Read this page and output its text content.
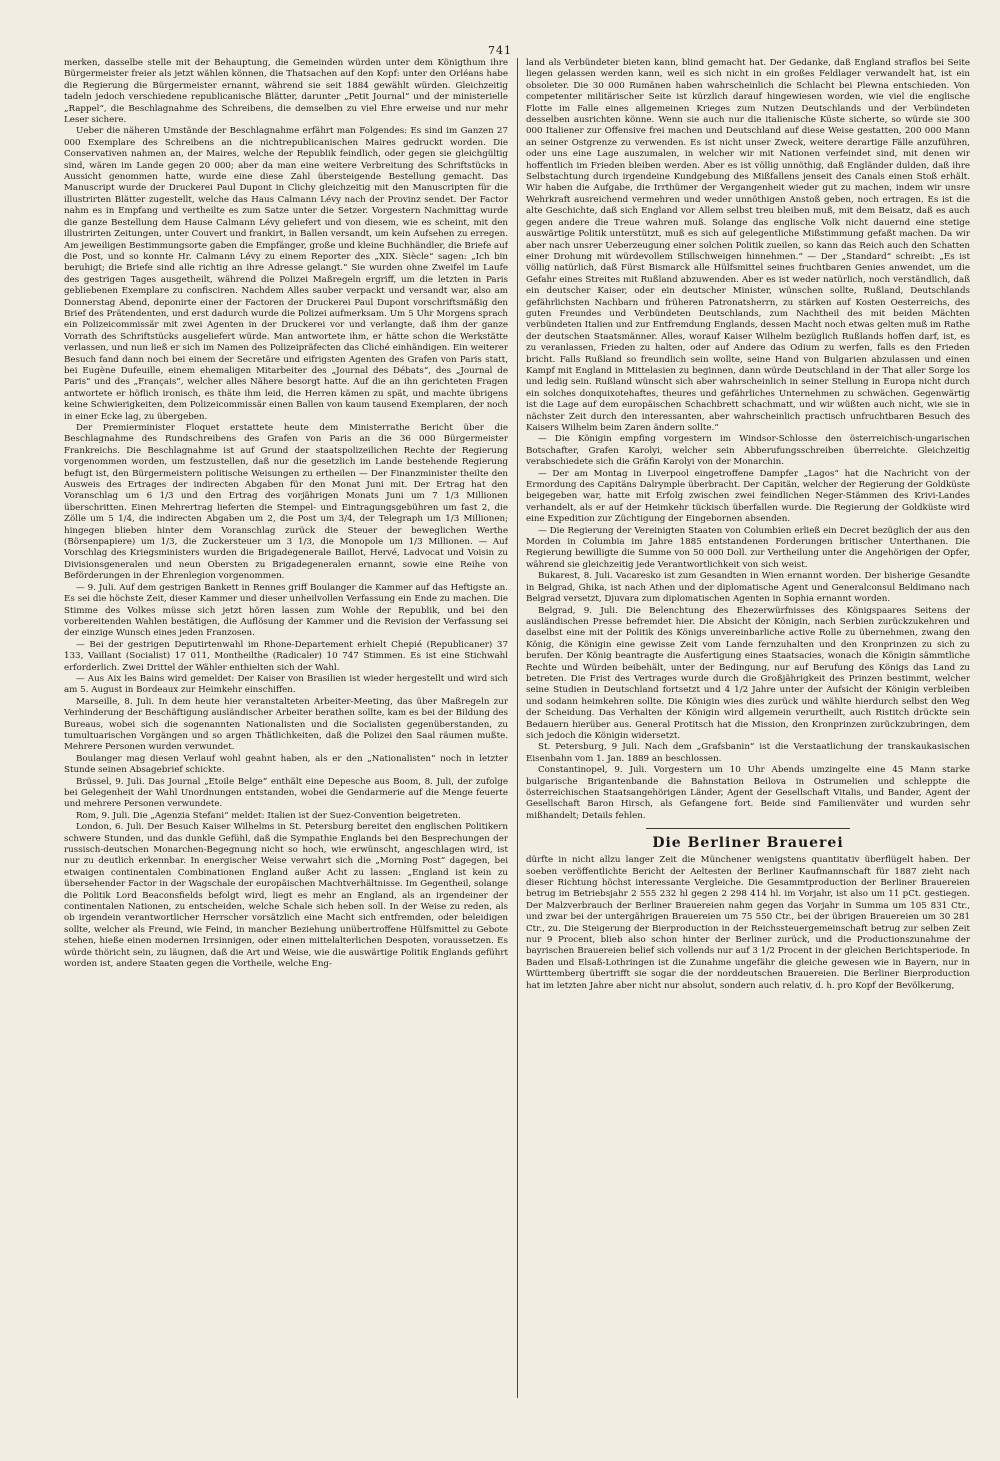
741

merken, dasselbe stelle mit der Behauptung, die Gemeinden würden unter dem Königthum ihre Bürgermeister freier als jetzt wählen können, die Thatsachen auf den Kopf: unter den Orléans habe die Regierung die Bürgermeister ernannt, während sie seit 1884 gewählt würden. Gleichzeitig tadeln jedoch verschiedene republicanische Blätter, darunter „Petit Journal“ und der ministerielle „Rappel“, die Beschlagnahme des Schreibens, die demselben zu viel Ehre erweise und nur mehr Leser sichere.

Ueber die näheren Umstände der Beschlagnahme erfährt man Folgendes: Es sind im Ganzen 27 000 Exemplare des Schreibens an die nichtrepublicanischen Maires gedruckt worden. Die Conservativen nahmen an, der Maires, welche der Republik feindlich, oder gegen sie gleichgültig sind, wären im Lande gegen 20 000; aber da man eine weitere Verbreitung des Schriftstücks in Aussicht genommen hatte, wurde eine diese Zahl übersteigende Bestellung gemacht. Das Manuscript wurde der Druckerei Paul Dupont in Clichy gleichzeitig mit den Manuscripten für die illustrirten Blätter zugestellt, welche das Haus Calmann Lévy nach der Provinz sendet. Der Factor nahm es in Empfang und vertheilte es zum Satze unter die Setzer. Vorgestern Nachmittag wurde die ganze Bestellung dem Hause Calmann Lévy geliefert und von diesem, wie es scheint, mit den illustrirten Zeitungen, unter Couvert und frankirt, in Ballen versandt, um kein Aufsehen zu erregen. Am jeweiligen Bestimmungsorte gaben die Empfänger, große und kleine Buchhändler, die Briefe auf die Post, und so konnte Hr. Calmann Lévy zu einem Reporter des „XIX. Siècle“ sagen: „Ich bin beruhigt; die Briefe sind alle richtig an ihre Adresse gelangt.“ Sie wurden ohne Zweifel im Laufe des gestrigen Tages ausgetheilt, während die Polizei Maßregeln ergriff, um die letzten in Paris gebliebenen Exemplare zu confisciren. Nachdem Alles sauber verpackt und versandt war, also am Donnerstag Abend, deponirte einer der Factoren der Druckerei Paul Dupont vorschriftsmäßig den Brief des Prätendenten, und erst dadurch wurde die Polizei aufmerksam. Um 5 Uhr Morgens sprach ein Polizeicommissär mit zwei Agenten in der Druckerei vor und verlangte, daß ihm der ganze Vorrath des Schriftstücks ausgeliefert würde. Man antwortete ihm, er hätte schon die Werkstätte verlassen, und nun ließ er sich im Namen des Polizeipräfecten das Cliché einhändigen. Ein weiterer Besuch fand dann noch bei einem der Secretäre und eifrigsten Agenten des Grafen von Paris statt, bei Eugène Dufeuille, einem ehemaligen Mitarbeiter des „Journal des Débats“, des „Journal de Paris“ und des „Français“, welcher alles Nähere besorgt hatte. Auf die an ihn gerichteten Fragen antwortete er höflich ironisch, es thäte ihm leid, die Herren kämen zu spät, und machte übrigens keine Schwierigkeiten, dem Polizeicommissär einen Ballen von kaum tausend Exemplaren, der noch in einer Ecke lag, zu übergeben.

Der Premierminister Floquet erstattete heute dem Ministerrathe Bericht über die Beschlagnahme des Rundschreibens des Grafen von Paris an die 36 000 Bürgermeister Frankreichs. Die Beschlagnahme ist auf Grund der staatspolizeilichen Rechte der Regierung vorgenommen worden, um festzustellen, daß nur die gesetzlich im Lande bestehende Regierung befugt ist, den Bürgermeistern politische Weisungen zu ertheilen — Der Finanzminister theilte den Ausweis des Ertrages der indirecten Abgaben für den Monat Juni mit. Der Ertrag hat den Voranschlag um 6 1/3 und den Ertrag des vorjährigen Monats Juni um 7 1/3 Millionen überschritten. Einen Mehrertrag lieferten die Stempel- und Eintragungsgebühren um fast 2, die Zölle um 5 1/4, die indirecten Abgaben um 2, die Post um 3/4, der Telegraph um 1/3 Millionen; hingegen blieben hinter dem Voranschlag zurück die Steuer der beweglichen Werthe (Börsenpapiere) um 1/3, die Zuckersteuer um 3 1/3, die Monopole um 1/3 Millionen. — Auf Vorschlag des Kriegsministers wurden die Brigadegenerale Baillot, Hervé, Ladvocat und Voisin zu Divisionsgeneralen und neun Obersten zu Brigadegeneralen ernannt, sowie eine Reihe von Beförderungen in der Ehrenlegion vorgenommen.

— 9. Juli. Auf dem gestrigen Bankett in Rennes griff Boulanger die Kammer auf das Heftigste an. Es sei die höchste Zeit, dieser Kammer und dieser unheilvollen Verfassung ein Ende zu machen. Die Stimme des Volkes müsse sich jetzt hören lassen zum Wohle der Republik, und bei den vorbereitenden Wahlen bestätigen, die Auflösung der Kammer und die Revision der Verfassung sei der einzige Wunsch eines jeden Franzosen.

— Bei der gestrigen Deputirtenwahl im Rhone-Departement erhielt Chepié (Republicaner) 37 133, Vaillant (Socialist) 17 011, Montheilthe (Radicaler) 10 747 Stimmen. Es ist eine Stichwahl erforderlich. Zwei Drittel der Wähler enthielten sich der Wahl.

— Aus Aix les Bains wird gemeldet: Der Kaiser von Brasilien ist wieder hergestellt und wird sich am 5. August in Bordeaux zur Heimkehr einschiffen.

Marseille, 8. Juli. In dem heute hier veranstalteten Arbeiter-Meeting, das über Maßregeln zur Verhinderung der Beschäftigung ausländischer Arbeiter berathen sollte, kam es bei der Bildung des Bureaus, wobei sich die sogenannten Nationalisten und die Socialisten gegenüberstanden, zu tumultuarischen Vorgängen und so argen Thätlichkeiten, daß die Polizei den Saal räumen mußte. Mehrere Personen wurden verwundet.

Boulanger mag diesen Verlauf wohl geahnt haben, als er den „Nationalisten“ noch in letzter Stunde seinen Absagebrief schickte.

Brüssel, 9. Juli. Das Journal „Etoile Belge“ enthält eine Depesche aus Boom, 8. Juli, der zufolge bei Gelegenheit der Wahl Unordnungen entstanden, wobei die Gendarmerie auf die Menge feuerte und mehrere Personen verwundete.

Rom, 9. Juli. Die „Agenzia Stefani“ meldet: Italien ist der Suez-Convention beigetreten.

London, 6. Juli. Der Besuch Kaiser Wilhelms in St. Petersburg bereitet den englischen Politikern schwere Stunden, und das dunkle Gefühl, daß die Sympathie Englands bei den Besprechungen der russisch-deutschen Monarchen-Begegnung nicht so hoch, wie erwünscht, angeschlagen wird, ist nur zu deutlich erkennbar. In energischer Weise verwahrt sich die „Morning Post“ dagegen, bei etwaigen continentalen Combinationen England außer Acht zu lassen: „England ist kein zu übersehender Factor in der Wagschale der europäischen Machtverhältnisse. Im Gegentheil, solange die Politik Lord Beaconsfields befolgt wird, liegt es mehr an England, als an irgendeiner der continentalen Nationen, zu entscheiden, welche Schale sich heben soll. In der Weise zu reden, als ob irgendein verantwortlicher Herrscher vorsätzlich eine Macht sich entfremden, oder beleidigen sollte, welcher als Freund, wie Feind, in mancher Beziehung unübertroffene Hülfsmittel zu Gebote stehen, hieße einen modernen Irrsinnigen, oder einen mittelalterlichen Despoten, voraussetzen. Es würde thöricht sein, zu läugnen, daß die Art und Weise, wie die auswärtige Politik Englands geführt worden ist, andere Staaten gegen die Vortheile, welche Eng-

land als Verbündeter bieten kann, blind gemacht hat. Der Gedanke, daß England straflos bei Seite liegen gelassen werden kann, weil es sich nicht in ein großes Feldlager verwandelt hat, ist ein obsoleter. Die 30 000 Rumänen haben wahrscheinlich die Schlacht bei Plewna entschieden. Von competenter militärischer Seite ist kürzlich darauf hingewiesen worden, wie viel die englische Flotte im Falle eines allgemeinen Krieges zum Nutzen Deutschlands und der Verbündeten desselben ausrichten könne. Wenn sie auch nur die italienische Küste sicherte, so würde sie 300 000 Italiener zur Offensive frei machen und Deutschland auf diese Weise gestatten, 200 000 Mann an seiner Ostgrenze zu verwenden. Es ist nicht unser Zweck, weitere derartige Fälle anzuführen, oder uns eine Lage auszumalen, in welcher wir mit Nationen verfeindet sind, mit denen wir hoffentlich im Frieden bleiben werden. Aber es ist völlig unnöthig, daß Engländer dulden, daß ihre Selbstachtung durch irgendeine Kundgebung des Mißfallens jenseit des Canals einen Stoß erhält. Wir haben die Aufgabe, die Irrthümer der Vergangenheit wieder gut zu machen, indem wir unsre Wehrkraft ausreichend vermehren und weder unnöthigen Anstoß geben, noch ertragen. Es ist die alte Geschichte, daß sich England vor Allem selbst treu bleiben muß, mit dem Beisatz, daß es auch gegen andere die Treue wahren muß. Solange das englische Volk nicht dauernd eine stetige auswärtige Politik unterstützt, muß es sich auf gelegentliche Mißstimmung gefaßt machen. Da wir aber nach unsrer Ueberzeugung einer solchen Politik zueilen, so kann das Reich auch den Schatten einer Drohung mit würdevollem Stillschweigen hinnehmen.“ — Der „Standard“ schreibt: „Es ist völlig natürlich, daß Fürst Bismarck alle Hülfsmittel seines fruchtbaren Genies anwendet, um die Gefahr eines Streites mit Rußland abzuwenden. Aber es ist weder natürlich, noch verständlich, daß ein deutscher Kaiser, oder ein deutscher Minister, wünschen sollte, Rußland, Deutschlands gefährlichsten Nachbarn und früheren Patronatsherrn, zu stärken auf Kosten Oesterreichs, des guten Freundes und Verbündeten Deutschlands, zum Nachtheil des mit beiden Mächten verbündeten Italien und zur Entfremdung Englands, dessen Macht noch etwas gelten muß im Rathe der deutschen Staatsmänner. Alles, worauf Kaiser Wilhelm bezüglich Rußlands hoffen darf, ist, es zu veranlassen, Frieden zu halten, oder auf Andere das Odium zu werfen, falls es den Frieden bricht. Falls Rußland so freundlich sein wollte, seine Hand von Bulgarien abzulassen und einen Kampf mit England in Mittelasien zu beginnen, dann würde Deutschland in der That aller Sorge los und ledig sein. Rußland wünscht sich aber wahrscheinlich in seiner Stellung in Europa nicht durch ein solches donquixotehaftes, theures und gefährliches Unternehmen zu schwächen. Gegenwärtig ist die Lage auf dem europäischen Schachbrett schachmatt, und wir wüßten auch nicht, wie sie in nächster Zeit durch den interessanten, aber wahrscheinlich practisch unfruchtbaren Besuch des Kaisers Wilhelm beim Zaren ändern sollte.“

— Die Königin empfing vorgestern im Windsor-Schlosse den österreichisch-ungarischen Botschafter, Grafen Karolyi, welcher sein Abberufungsschreiben überreichte. Gleichzeitig verabschiedete sich die Gräfin Karolyi von der Monarchin.

— Der am Montag in Liverpool eingetroffene Dampfer „Lagos“ hat die Nachricht von der Ermordung des Capitäns Dalrymple überbracht. Der Capitän, welcher der Regierung der Goldküste beigegeben war, hatte mit Erfolg zwischen zwei feindlichen Neger-Stämmen des Krivi-Landes verhandelt, als er auf der Heimkehr tückisch überfallen wurde. Die Regierung der Goldküste wird eine Expedition zur Züchtigung der Eingebornen absenden.

— Die Regierung der Vereinigten Staaten von Columbien erließ ein Decret bezüglich der aus den Morden in Columbia im Jahre 1885 entstandenen Forderungen britischer Unterthanen. Die Regierung bewilligte die Summe von 50 000 Doll. zur Vertheilung unter die Angehörigen der Opfer, während sie gleichzeitig jede Verantwortlichkeit von sich weist.

Bukarest, 8. Juli. Vacaresko ist zum Gesandten in Wien ernannt worden. Der bisherige Gesandte in Belgrad, Ghika, ist nach Athen und der diplomatische Agent und Generalconsul Beldimano nach Belgrad versetzt, Djuvara zum diplomatischen Agenten in Sophia ernannt worden.

Belgrad, 9. Juli. Die Belenchtung des Ehezerwürfnisses des Königspaares Seitens der ausländischen Presse befremdet hier. Die Absicht der Königin, nach Serbien zurückzukehren und daselbst eine mit der Politik des Königs unvereinbarliche active Rolle zu übernehmen, zwang den König, die Königin eine gewisse Zeit vom Lande fernzuhalten und den Kronprinzen zu sich zu berufen. Der König beantragte die Ausfertigung eines Staatsacies, wonach die Königin sämmtliche Rechte und Würden beibehält, unter der Bedingung, nur auf Berufung des Königs das Land zu betreten. Die Frist des Vertrages wurde durch die Großjährigkeit des Prinzen bestimmt, welcher seine Studien in Deutschland fortsetzt und 4 1/2 Jahre unter der Aufsicht der Königin verbleiben und sodann heimkehren sollte. Die Königin wies dies zurück und wählte hierdurch selbst den Weg der Scheidung. Das Verhalten der Königin wird allgemein verurtheilt, auch Ristitch drückte sein Bedauern hierüber aus. General Protitsch hat die Mission, den Kronprinzen zurückzubringen, dem sich jedoch die Königin widersetzt.

St. Petersburg, 9 Juli. Nach dem „Grafsbanin“ ist die Verstaatlichung der transkaukasischen Eisenbahn vom 1. Jan. 1889 an beschlossen.

Constantinopel, 9. Juli. Vorgestern um 10 Uhr Abends umzingelte eine 45 Mann starke bulgarische Brigantenbande die Bahnstation Beilova in Ostrumelien und schleppte die österreichischen Staatsangehörigen Länder, Agent der Gesellschaft Vitalis, und Bander, Agent der Gesellschaft Baron Hirsch, als Gefangene fort. Beide sind Familienväter und wurden sehr mißhandelt; Details fehlen.

Die Berliner Brauerei

dürfte in nicht allzu langer Zeit die Münchener wenigstens quantitativ überflügelt haben. Der soeben veröffentlichte Bericht der Aeltesten der Berliner Kaufmannschaft für 1887 zieht nach dieser Richtung höchst interessante Vergleiche. Die Gesammtproduction der Berliner Brauereien betrug im Betriebsjahr 2 555 232 hl gegen 2 298 414 hl. im Vorjahr, ist also um 11 pCt. gestiegen. Der Malzverbrauch der Berliner Brauereien nahm gegen das Vorjahr in Summa um 105 831 Ctr., und zwar bei der untergährigen Brauereien um 75 550 Ctr., bei der übrigen Brauereien um 30 281 Ctr., zu. Die Steigerung der Bierproduction in der Reichssteuergemeinschaft betrug zur selben Zeit nur 9 Procent, blieb also schon hinter der Berliner zurück, und die Productionszunahme der bayrischen Brauereien belief sich vollends nur auf 3 1/2 Procent in der gleichen Berichtsperiode. In Baden und Elsaß-Lothringen ist die Zunahme ungefähr die gleiche gewesen wie in Bayern, nur in Württemberg übertrifft sie sogar die der norddeutschen Brauereien. Die Berliner Bierproduction hat im letzten Jahre aber nicht nur absolut, sondern auch relativ, d. h. pro Kopf der Bevölkerung,
